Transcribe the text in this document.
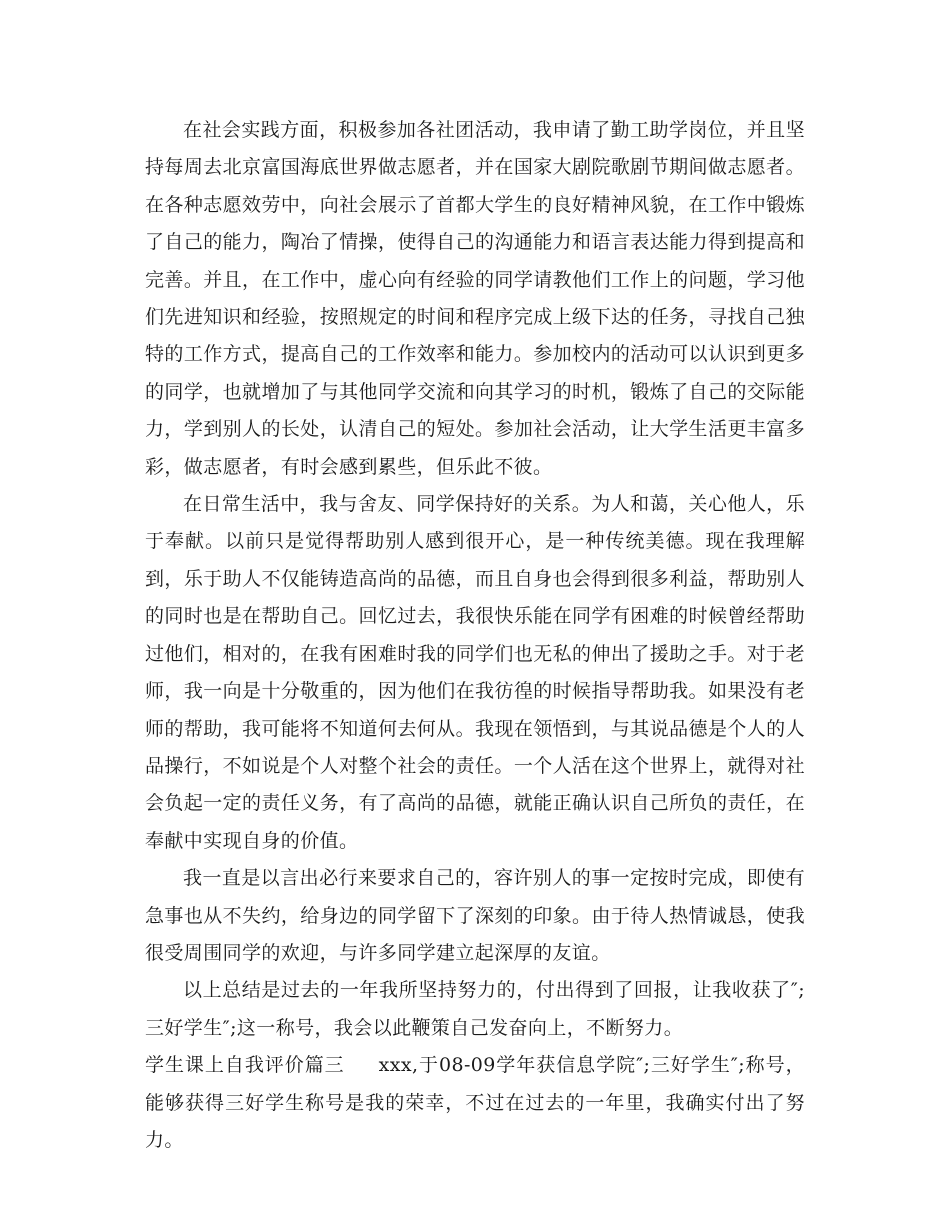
在社会实践方面，积极参加各社团活动，我申请了勤工助学岗位，并且坚持每周去北京富国海底世界做志愿者，并在国家大剧院歌剧节期间做志愿者。在各种志愿效劳中，向社会展示了首都大学生的良好精神风貌，在工作中锻炼了自己的能力，陶冶了情操，使得自己的沟通能力和语言表达能力得到提高和完善。并且，在工作中，虚心向有经验的同学请教他们工作上的问题，学习他们先进知识和经验，按照规定的时间和程序完成上级下达的任务，寻找自己独特的工作方式，提高自己的工作效率和能力。参加校内的活动可以认识到更多的同学，也就增加了与其他同学交流和向其学习的时机，锻炼了自己的交际能力，学到别人的长处，认清自己的短处。参加社会活动，让大学生活更丰富多彩，做志愿者，有时会感到累些，但乐此不彼。

在日常生活中，我与舍友、同学保持好的关系。为人和蔼，关心他人，乐于奉献。以前只是觉得帮助别人感到很开心，是一种传统美德。现在我理解到，乐于助人不仅能铸造高尚的品德，而且自身也会得到很多利益，帮助别人的同时也是在帮助自己。回忆过去，我很快乐能在同学有困难的时候曾经帮助过他们，相对的，在我有困难时我的同学们也无私的伸出了援助之手。对于老师，我一向是十分敬重的，因为他们在我彷徨的时候指导帮助我。如果没有老师的帮助，我可能将不知道何去何从。我现在领悟到，与其说品德是个人的人品操行，不如说是个人对整个社会的责任。一个人活在这个世界上，就得对社会负起一定的责任义务，有了高尚的品德，就能正确认识自己所负的责任，在奉献中实现自身的价值。

我一直是以言出必行来要求自己的，容许别人的事一定按时完成，即使有急事也从不失约，给身边的同学留下了深刻的印象。由于待人热情诚恳，使我很受周围同学的欢迎，与许多同学建立起深厚的友谊。

以上总结是过去的一年我所坚持努力的，付出得到了回报，让我收获了″;三好学生″;这一称号，我会以此鞭策自己发奋向上，不断努力。

学生课上自我评价篇三 xxx,于08-09学年获信息学院″;三好学生″;称号，能够获得三好学生称号是我的荣幸，不过在过去的一年里，我确实付出了努力。
